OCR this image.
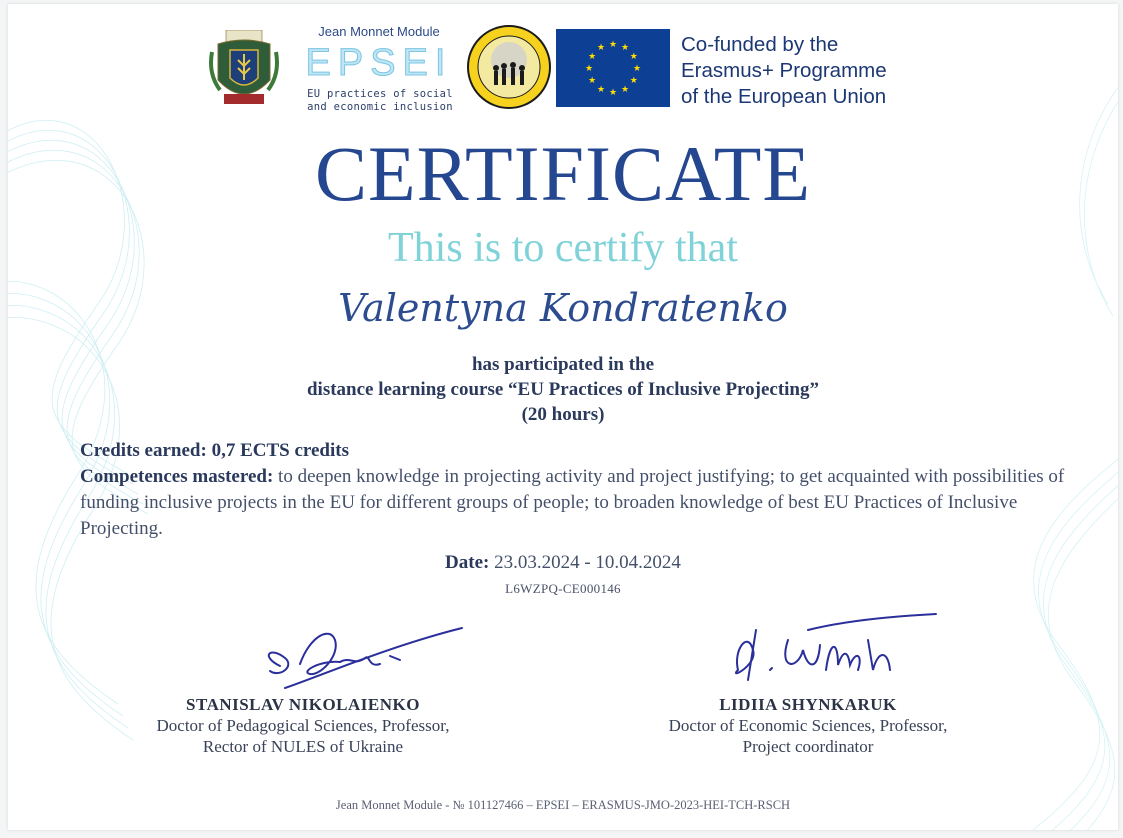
Jean Monnet Module
EPSEI
EU practices of social
and economic inclusion
★ ★
★
★
★
★
★
★
★
★
★
★	Co-funded by the
Erasmus+ Programme
of the European Union
CERTIFICATE
This is to certify that
Valentyna Kondratenko
has participated in the
distance learning course “EU Practices of Inclusive Projecting”
(20 hours)
Credits earned: 0,7 ECTS credits
Competences mastered: to deepen knowledge in projecting activity and project justifying; to get acquainted with possibilities of funding inclusive projects in the EU for different groups of people; to broaden knowledge of best EU Practices of Inclusive Projecting.
Date: 23.03.2024 - 10.04.2024
L6WZPQ-CE000146
STANISLAV NIKOLAIENKO
Doctor of Pedagogical Sciences, Professor,
Rector of NULES of Ukraine
LIDIIA SHYNKARUK
Doctor of Economic Sciences, Professor,
Project coordinator
Jean Monnet Module - № 101127466 – EPSEI – ERASMUS-JMO-2023-HEI-TCH-RSCH
